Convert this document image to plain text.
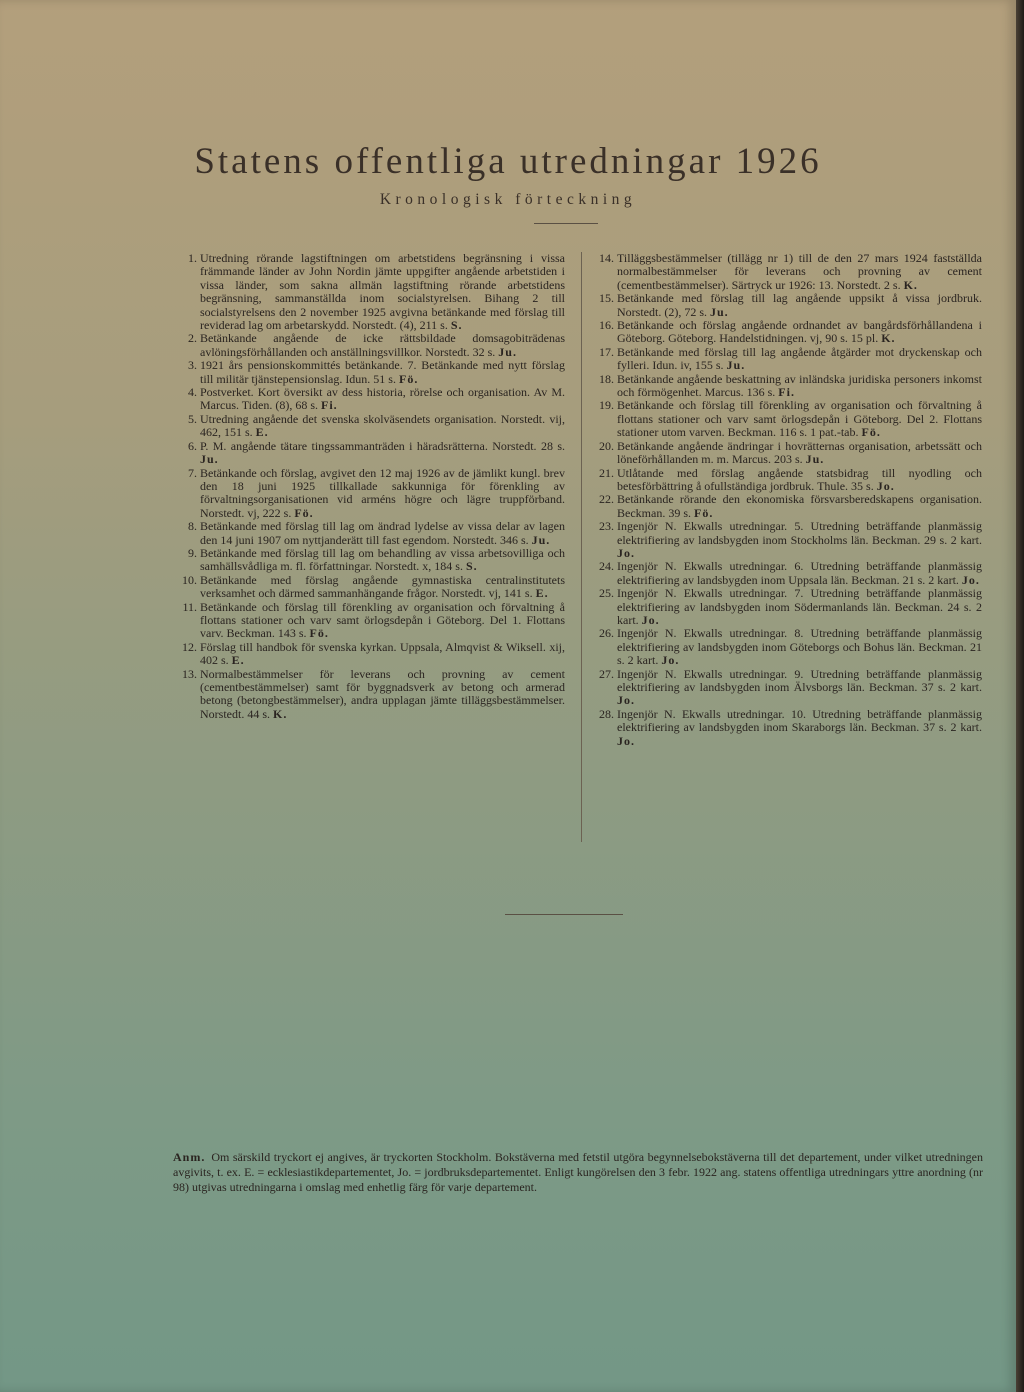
Statens offentliga utredningar 1926
Kronologisk förteckning
1. Utredning rörande lagstiftningen om arbetstidens begränsning i vissa främmande länder av John Nordin jämte uppgifter angående arbetstiden i vissa länder, som sakna allmän lagstiftning rörande arbetstidens begränsning, sammanställda inom socialstyrelsen. Bihang 2 till socialstyrelsens den 2 november 1925 avgivna betänkande med förslag till reviderad lag om arbetarskydd. Norstedt. (4), 211 s. S.
2. Betänkande angående de icke rättsbildade domsagobiträdenas avlöningsförhållanden och anställningsvillkor. Norstedt. 32 s. Ju.
3. 1921 års pensionskommittés betänkande. 7. Betänkande med nytt förslag till militär tjänstepensionslag. Idun. 51 s. Fö.
4. Postverket. Kort översikt av dess historia, rörelse och organisation. Av M. Marcus. Tiden. (8), 68 s. Fi.
5. Utredning angående det svenska skolväsendets organisation. Norstedt. vij, 462, 151 s. E.
6. P. M. angående tätare tingssammanträden i häradsrätterna. Norstedt. 28 s. Ju.
7. Betänkande och förslag, avgivet den 12 maj 1926 av de jämlikt kungl. brev den 18 juni 1925 tillkallade sakkunniga för förenkling av förvaltningsorganisationen vid arméns högre och lägre truppförband. Norstedt. vj, 222 s. Fö.
8. Betänkande med förslag till lag om ändrad lydelse av vissa delar av lagen den 14 juni 1907 om nyttjanderätt till fast egendom. Norstedt. 346 s. Ju.
9. Betänkande med förslag till lag om behandling av vissa arbetsovilliga och samhällsvådliga m. fl. författningar. Norstedt. x, 184 s. S.
10. Betänkande med förslag angående gymnastiska centralinstitutets verksamhet och därmed sammanhängande frågor. Norstedt. vj, 141 s. E.
11. Betänkande och förslag till förenkling av organisation och förvaltning å flottans stationer och varv samt örlogsdepån i Göteborg. Del 1. Flottans varv. Beckman. 143 s. Fö.
12. Förslag till handbok för svenska kyrkan. Uppsala, Almqvist & Wiksell. xij, 402 s. E.
13. Normalbestämmelser för leverans och provning av cement (cementbestämmelser) samt för byggnadsverk av betong och armerad betong (betongbestämmelser), andra upplagan jämte tilläggsbestämmelser. Norstedt. 44 s. K.
14. Tilläggsbestämmelser (tillägg nr 1) till de den 27 mars 1924 fastställda normalbestämmelser för leverans och provning av cement (cementbestämmelser). Särtryck ur 1926: 13. Norstedt. 2 s. K.
15. Betänkande med förslag till lag angående uppsikt å vissa jordbruk. Norstedt. (2), 72 s. Ju.
16. Betänkande och förslag angående ordnandet av bangårdsförhållandena i Göteborg. Göteborg. Handelstidningen. vj, 90 s. 15 pl. K.
17. Betänkande med förslag till lag angående åtgärder mot dryckenskap och fylleri. Idun. iv, 155 s. Ju.
18. Betänkande angående beskattning av inländska juridiska personers inkomst och förmögenhet. Marcus. 136 s. Fi.
19. Betänkande och förslag till förenkling av organisation och förvaltning å flottans stationer och varv samt örlogsdepån i Göteborg. Del 2. Flottans stationer utom varven. Beckman. 116 s. 1 pat.-tab. Fö.
20. Betänkande angående ändringar i hovrätternas organisation, arbetssätt och löneförhållanden m. m. Marcus. 203 s. Ju.
21. Utlåtande med förslag angående statsbidrag till nyodling och betesförbättring å ofullständiga jordbruk. Thule. 35 s. Jo.
22. Betänkande rörande den ekonomiska försvarsberedskapens organisation. Beckman. 39 s. Fö.
23. Ingenjör N. Ekwalls utredningar. 5. Utredning beträffande planmässig elektrifiering av landsbygden inom Stockholms län. Beckman. 29 s. 2 kart. Jo.
24. Ingenjör N. Ekwalls utredningar. 6. Utredning beträffande planmässig elektrifiering av landsbygden inom Uppsala län. Beckman. 21 s. 2 kart. Jo.
25. Ingenjör N. Ekwalls utredningar. 7. Utredning beträffande planmässig elektrifiering av landsbygden inom Södermanlands län. Beckman. 24 s. 2 kart. Jo.
26. Ingenjör N. Ekwalls utredningar. 8. Utredning beträffande planmässig elektrifiering av landsbygden inom Göteborgs och Bohus län. Beckman. 21 s. 2 kart. Jo.
27. Ingenjör N. Ekwalls utredningar. 9. Utredning beträffande planmässig elektrifiering av landsbygden inom Älvsborgs län. Beckman. 37 s. 2 kart. Jo.
28. Ingenjör N. Ekwalls utredningar. 10. Utredning beträffande planmässig elektrifiering av landsbygden inom Skaraborgs län. Beckman. 37 s. 2 kart. Jo.
Anm. Om särskild tryckort ej angives, är tryckorten Stockholm. Bokstäverna med fetstil utgöra begynnelsebokstäverna till det departement, under vilket utredningen avgivits, t. ex. E. = ecklesiastikdepartementet, Jo. = jordbruksdepartementet. Enligt kungörelsen den 3 febr. 1922 ang. statens offentliga utredningars yttre anordning (nr 98) utgivas utredningarna i omslag med enhetlig färg för varje departement.
